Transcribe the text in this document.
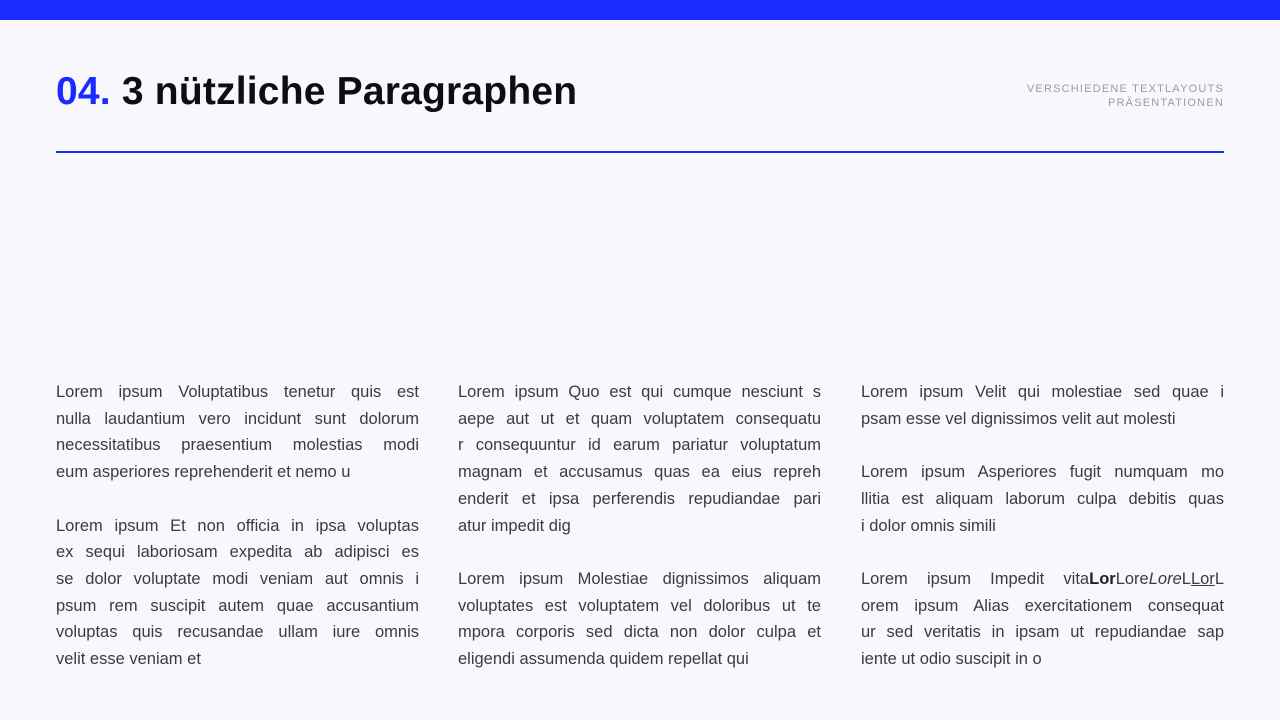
04. 3 nützliche Paragraphen	VERSCHIEDENE TEXTLAYOUTS
PRÄSENTATIONEN
Lorem ipsum Voluptatibus tenetur quis est
nulla laudantium vero incidunt sunt dolorum
necessitatibus praesentium molestias modi
eum asperiores reprehenderit et nemo u
Lorem ipsum Et non officia in ipsa voluptas
ex sequi laboriosam expedita ab adipisci es
se dolor voluptate modi veniam aut omnis i
psum rem suscipit autem quae accusantium
voluptas quis recusandae ullam iure omnis
velit esse veniam et
Lorem ipsum Quo est qui cumque nesciunt s
aepe aut ut et quam voluptatem consequatu
r consequuntur id earum pariatur voluptatum
magnam et accusamus quas ea eius repreh
enderit et ipsa perferendis repudiandae pari
atur impedit dig
Lorem ipsum Molestiae dignissimos aliquam
voluptates est voluptatem vel doloribus ut te
mpora corporis sed dicta non dolor culpa et
eligendi assumenda quidem repellat qui
Lorem ipsum Velit qui molestiae sed quae i
psam esse vel dignissimos velit aut molesti
Lorem ipsum Asperiores fugit numquam mo
llitia est aliquam laborum culpa debitis quas
i dolor omnis simili
Lorem ipsum Impedit vitaLorLoreLoreLLorL
orem ipsum Alias exercitationem consequat
ur sed veritatis in ipsam ut repudiandae sap
iente ut odio suscipit in o
